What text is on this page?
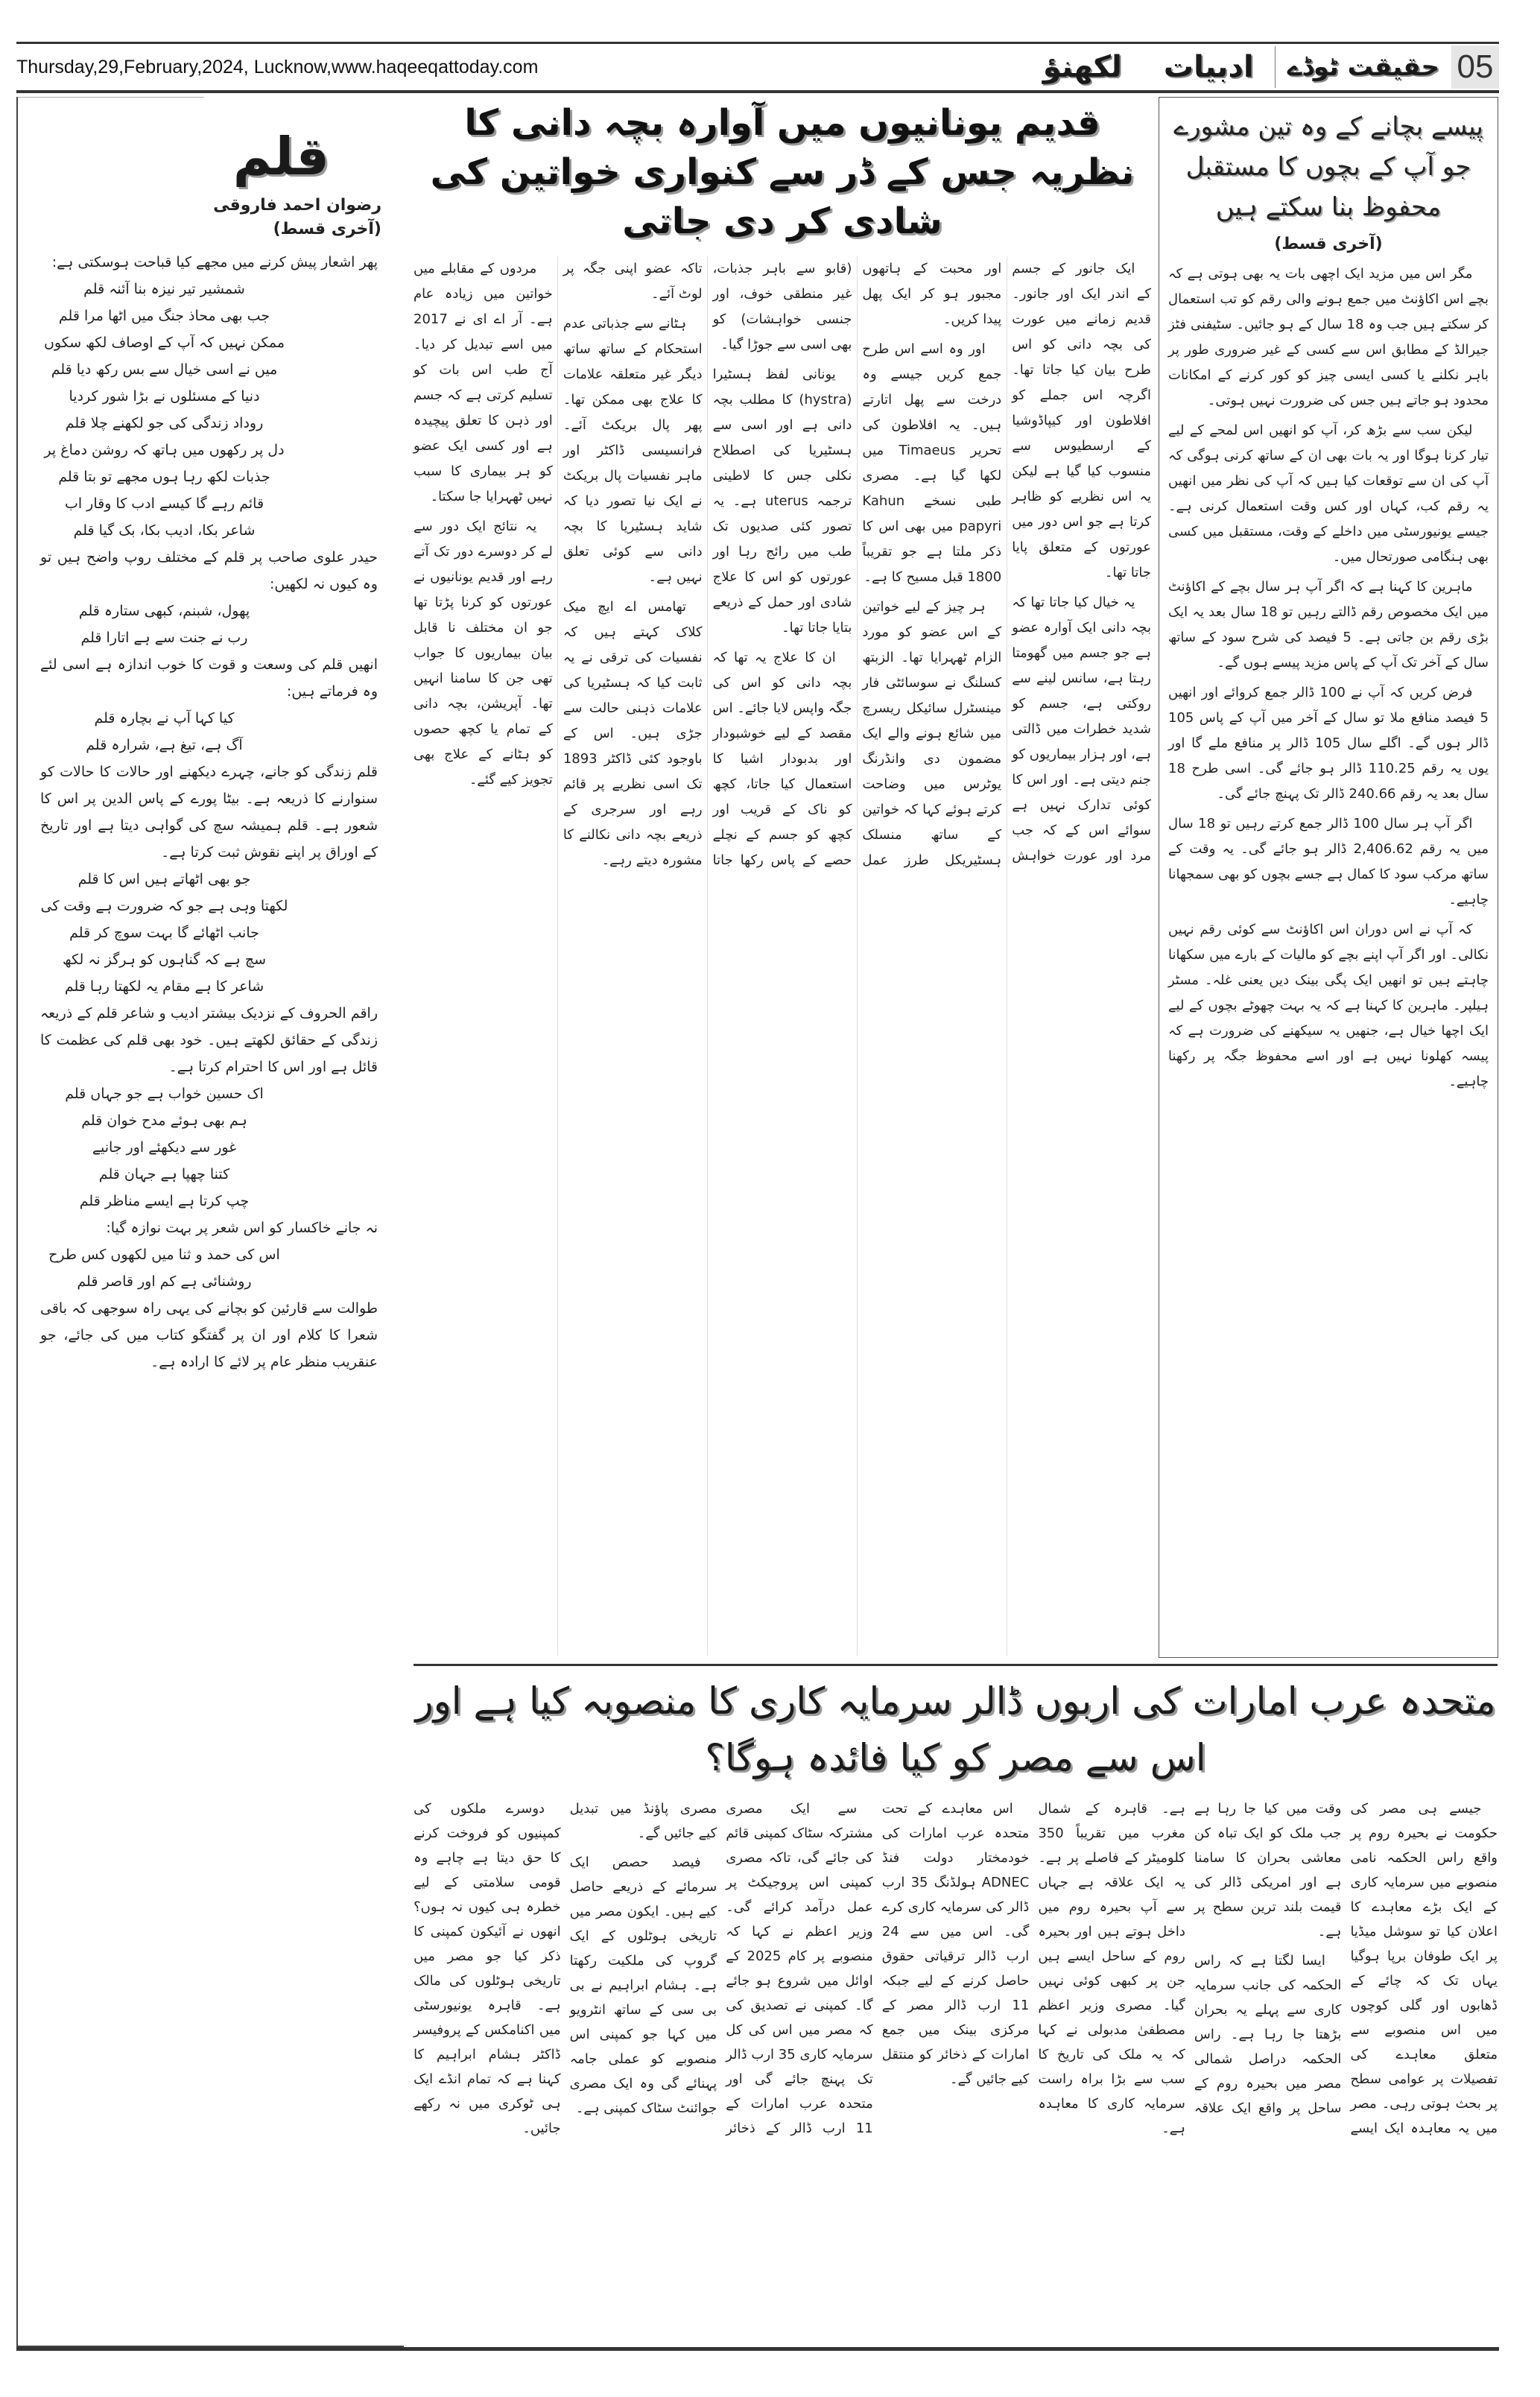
Thursday,29,February,2024, Lucknow,www.haqeeqattoday.com	لکھنؤ ادبیات حقیقت ٹوڈے 05
قلم
رضوان احمد فاروقی
(آخری قسط)
پھر اشعار پیش کرنے میں مجھے کیا قباحت ہوسکتی ہے:
شمشیر تیر نیزہ بنا آئنہ قلم
جب بھی محاذ جنگ میں اٹھا مرا قلم
ممکن نہیں کہ آپ کے اوصاف لکھ سکوں
میں نے اسی خیال سے بس رکھ دیا قلم
دنیا کے مسئلوں نے بڑا شور کردیا
روداد زندگی کی جو لکھنے چلا قلم
دل پر رکھوں میں ہاتھ کہ روشن دماغ پر
جذبات لکھ رہا ہوں مجھے تو بتا قلم
قائم رہے گا کیسے ادب کا وقار اب
شاعر بکا، ادیب بکا، بک گیا قلم
حیدر علوی صاحب پر قلم کے مختلف روپ واضح ہیں تو وہ کیوں نہ لکھیں:
پھول، شبنم، کبھی ستارہ قلم
رب نے جنت سے ہے اتارا قلم
انھیں قلم کی وسعت و قوت کا خوب اندازہ ہے اسی لئے وہ فرماتے ہیں:
کیا کہا آپ نے بچارہ قلم
آگ ہے، تیغ ہے، شرارہ قلم
قلم زندگی کو جانے، چہرے دیکھنے اور حالات کا حالات کو سنوارنے کا ذریعہ ہے۔ بیٹا پورے کے پاس الدین پر اس کا شعور ہے۔ قلم ہمیشہ سچ کی گواہی دیتا ہے اور تاریخ کے اوراق پر اپنے نقوش ثبت کرتا ہے۔
جو بھی اٹھاتے ہیں اس کا قلم
لکھتا وہی ہے جو کہ ضرورت ہے وقت کی
جانب اٹھائے گا بہت سوچ کر قلم
سچ ہے کہ گناہوں کو ہرگز نہ لکھ
شاعر کا ہے مقام یہ لکھتا رہا قلم
راقم الحروف کے نزدیک بیشتر ادیب و شاعر قلم کے ذریعہ زندگی کے حقائق لکھتے ہیں۔ خود بھی قلم کی عظمت کا قائل ہے اور اس کا احترام کرتا ہے۔
اک حسین خواب ہے جو جہاں قلم
ہم بھی ہوئے مدح خوان قلم
غور سے دیکھئے اور جانیے
کتنا چھپا ہے جہان قلم
چپ کرتا ہے ایسے مناظر قلم
نہ جانے خاکسار کو اس شعر پر بہت نوازہ گیا:
اس کی حمد و ثنا میں لکھوں کس طرح
روشنائی ہے کم اور قاصر قلم
طوالت سے قارئین کو بچانے کی یہی راہ سوجھی کہ باقی شعرا کا کلام اور ان پر گفتگو کتاب میں کی جائے، جو عنقریب منظر عام پر لائے کا ارادہ ہے۔
قدیم یونانیوں میں آوارہ بچہ دانی کا نظریہ جس کے ڈر سے کنواری خواتین کی شادی کر دی جاتی

ایک جانور کے جسم کے اندر ایک اور جانور۔ قدیم زمانے میں عورت کی بچہ دانی کو اس طرح بیان کیا جاتا تھا۔ اگرچہ اس جملے کو افلاطون اور کیپاڈوشیا کے ارسطیوس سے منسوب کیا گیا ہے لیکن یہ اس نظریے کو ظاہر کرتا ہے جو اس دور میں عورتوں کے متعلق پایا جاتا تھا۔

یہ خیال کیا جاتا تھا کہ بچہ دانی ایک آوارہ عضو ہے جو جسم میں گھومتا رہتا ہے، سانس لینے سے روکتی ہے، جسم کو شدید خطرات میں ڈالتی ہے، اور ہزار بیماریوں کو جنم دیتی ہے۔ اور اس کا کوئی تدارک نہیں ہے سوائے اس کے کہ جب مرد اور عورت خواہش اور محبت کے ہاتھوں مجبور ہو کر ایک پھل پیدا کریں۔

اور وہ اسے اس طرح جمع کریں جیسے وہ درخت سے پھل اتارتے ہیں۔ یہ افلاطون کی تحریر Timaeus میں لکھا گیا ہے۔ مصری طبی نسخے Kahun papyri میں بھی اس کا ذکر ملتا ہے جو تقریباً 1800 قبل مسیح کا ہے۔

ہر چیز کے لیے خواتین کے اس عضو کو مورد الزام ٹھہرایا تھا۔ الزبتھ کسلنگ نے سوسائٹی فار مینسٹرل سائیکل ریسرچ میں شائع ہونے والے ایک مضمون دی وانڈرنگ یوٹرس میں وضاحت کرتے ہوئے کہا کہ خواتین کے ساتھ منسلک ہسٹیریکل طرز عمل (قابو سے باہر جذبات، غیر منطقی خوف، اور جنسی خواہشات) کو بھی اسی سے جوڑا گیا۔

یونانی لفظ ہسٹیرا (hystra) کا مطلب بچہ دانی ہے اور اسی سے ہسٹیریا کی اصطلاح نکلی جس کا لاطینی ترجمہ uterus ہے۔ یہ تصور کئی صدیوں تک طب میں رائج رہا اور عورتوں کو اس کا علاج شادی اور حمل کے ذریعے بتایا جاتا تھا۔

ان کا علاج یہ تھا کہ بچہ دانی کو اس کی جگہ واپس لایا جائے۔ اس مقصد کے لیے خوشبودار اور بدبودار اشیا کا استعمال کیا جاتا، کچھ کو ناک کے قریب اور کچھ کو جسم کے نچلے حصے کے پاس رکھا جاتا تاکہ عضو اپنی جگہ پر لوٹ آئے۔

ہٹانے سے جذباتی عدم استحکام کے ساتھ ساتھ دیگر غیر متعلقہ علامات کا علاج بھی ممکن تھا۔ پھر پال بریکٹ آئے۔ فرانسیسی ڈاکٹر اور ماہر نفسیات پال بریکٹ نے ایک نیا تصور دیا کہ شاید ہسٹیریا کا بچہ دانی سے کوئی تعلق نہیں ہے۔

تھامس اے ایچ میک کلاک کہتے ہیں کہ نفسیات کی ترقی نے یہ ثابت کیا کہ ہسٹیریا کی علامات ذہنی حالت سے جڑی ہیں۔ اس کے باوجود کئی ڈاکٹر 1893 تک اسی نظریے پر قائم رہے اور سرجری کے ذریعے بچہ دانی نکالنے کا مشورہ دیتے رہے۔

مردوں کے مقابلے میں خواتین میں زیادہ عام ہے۔ آر اے ای نے 2017 میں اسے تبدیل کر دیا۔ آج طب اس بات کو تسلیم کرتی ہے کہ جسم اور ذہن کا تعلق پیچیدہ ہے اور کسی ایک عضو کو ہر بیماری کا سبب نہیں ٹھہرایا جا سکتا۔

یہ نتائج ایک دور سے لے کر دوسرے دور تک آتے رہے اور قدیم یونانیوں نے عورتوں کو کرنا پڑتا تھا جو ان مختلف نا قابل بیان بیماریوں کا جواب تھی جن کا سامنا انہیں تھا۔ آپریشن، بچہ دانی کے تمام یا کچھ حصوں کو ہٹانے کے علاج بھی تجویز کیے گئے۔

پیسے بچانے کے وہ تین مشورے جو آپ کے بچوں کا مستقبل محفوظ بنا سکتے ہیں
(آخری قسط)

مگر اس میں مزید ایک اچھی بات یہ بھی ہوتی ہے کہ بچے اس اکاؤنٹ میں جمع ہونے والی رقم کو تب استعمال کر سکتے ہیں جب وہ 18 سال کے ہو جائیں۔ سٹیفنی فٹز جیرالڈ کے مطابق اس سے کسی کے غیر ضروری طور پر باہر نکلنے یا کسی ایسی چیز کو کور کرنے کے امکانات محدود ہو جاتے ہیں جس کی ضرورت نہیں ہوتی۔

لیکن سب سے بڑھ کر، آپ کو انھیں اس لمحے کے لیے تیار کرنا ہوگا اور یہ بات بھی ان کے ساتھ کرنی ہوگی کہ آپ کی ان سے توقعات کیا ہیں کہ آپ کی نظر میں انھیں یہ رقم کب، کہاں اور کس وقت استعمال کرنی ہے۔ جیسے یونیورسٹی میں داخلے کے وقت، مستقبل میں کسی بھی ہنگامی صورتحال میں۔

ماہرین کا کہنا ہے کہ اگر آپ ہر سال بچے کے اکاؤنٹ میں ایک مخصوص رقم ڈالتے رہیں تو 18 سال بعد یہ ایک بڑی رقم بن جاتی ہے۔ 5 فیصد کی شرح سود کے ساتھ سال کے آخر تک آپ کے پاس مزید پیسے ہوں گے۔

فرض کریں کہ آپ نے 100 ڈالر جمع کروائے اور انھیں 5 فیصد منافع ملا تو سال کے آخر میں آپ کے پاس 105 ڈالر ہوں گے۔ اگلے سال 105 ڈالر پر منافع ملے گا اور یوں یہ رقم 110.25 ڈالر ہو جائے گی۔ اسی طرح 18 سال بعد یہ رقم 240.66 ڈالر تک پہنچ جائے گی۔

اگر آپ ہر سال 100 ڈالر جمع کرتے رہیں تو 18 سال میں یہ رقم 2,406.62 ڈالر ہو جائے گی۔ یہ وقت کے ساتھ مرکب سود کا کمال ہے جسے بچوں کو بھی سمجھانا چاہیے۔

کہ آپ نے اس دوران اس اکاؤنٹ سے کوئی رقم نہیں نکالی۔ اور اگر آپ اپنے بچے کو مالیات کے بارے میں سکھانا چاہتے ہیں تو انھیں ایک پگی بینک دیں یعنی غلہ۔ مسٹر ہیلپر۔ ماہرین کا کہنا ہے کہ یہ بہت چھوٹے بچوں کے لیے ایک اچھا خیال ہے، جنھیں یہ سیکھنے کی ضرورت ہے کہ پیسہ کھلونا نہیں ہے اور اسے محفوظ جگہ پر رکھنا چاہیے۔

متحدہ عرب امارات کی اربوں ڈالر سرمایہ کاری کا منصوبہ کیا ہے اور اس سے مصر کو کیا فائدہ ہوگا؟

جیسے ہی مصر کی حکومت نے بحیرہ روم پر واقع راس الحکمہ نامی منصوبے میں سرمایہ کاری کے ایک بڑے معاہدے کا اعلان کیا تو سوشل میڈیا پر ایک طوفان برپا ہوگیا یہاں تک کہ چائے کے ڈھابوں اور گلی کوچوں میں اس منصوبے سے متعلق معاہدے کی تفصیلات پر عوامی سطح پر بحث ہوتی رہی۔ مصر میں یہ معاہدہ ایک ایسے وقت میں کیا جا رہا ہے جب ملک کو ایک تباہ کن معاشی بحران کا سامنا ہے اور امریکی ڈالر کی قیمت بلند ترین سطح پر ہے۔

ایسا لگتا ہے کہ راس الحکمہ کی جانب سرمایہ کاری سے پہلے یہ بحران بڑھتا جا رہا ہے۔ راس الحکمہ دراصل شمالی مصر میں بحیرہ روم کے ساحل پر واقع ایک علاقہ ہے۔ قاہرہ کے شمال مغرب میں تقریباً 350 کلومیٹر کے فاصلے پر ہے۔ یہ ایک علاقہ ہے جہاں سے آپ بحیرہ روم میں داخل ہوتے ہیں اور بحیرہ روم کے ساحل ایسے ہیں جن پر کبھی کوئی نہیں گیا۔ مصری وزیر اعظم مصطفیٰ مدبولی نے کہا کہ یہ ملک کی تاریخ کا سب سے بڑا براہ راست سرمایہ کاری کا معاہدہ ہے۔

اس معاہدے کے تحت متحدہ عرب امارات کی خودمختار دولت فنڈ ADNEC ہولڈنگ 35 ارب ڈالر کی سرمایہ کاری کرے گی۔ اس میں سے 24 ارب ڈالر ترقیاتی حقوق حاصل کرنے کے لیے جبکہ 11 ارب ڈالر مصر کے مرکزی بینک میں جمع امارات کے ذخائر کو منتقل کیے جائیں گے۔

سے ایک مصری مشترکہ سٹاک کمپنی قائم کی جائے گی، تاکہ مصری کمپنی اس پروجیکٹ پر عمل درآمد کرائے گی۔ وزیر اعظم نے کہا کہ منصوبے پر کام 2025 کے اوائل میں شروع ہو جائے گا۔ کمپنی نے تصدیق کی کہ مصر میں اس کی کل سرمایہ کاری 35 ارب ڈالر تک پہنچ جائے گی اور متحدہ عرب امارات کے 11 ارب ڈالر کے ذخائر مصری پاؤنڈ میں تبدیل کیے جائیں گے۔

فیصد حصص ایک سرمائے کے ذریعے حاصل کیے ہیں۔ ایکون مصر میں تاریخی ہوٹلوں کے ایک گروپ کی ملکیت رکھتا ہے۔ ہشام ابراہیم نے بی بی سی کے ساتھ انٹرویو میں کہا جو کمپنی اس منصوبے کو عملی جامہ پہنائے گی وہ ایک مصری جوائنٹ سٹاک کمپنی ہے۔

دوسرے ملکوں کی کمپنیوں کو فروخت کرنے کا حق دیتا ہے چاہے وہ قومی سلامتی کے لیے خطرہ ہی کیوں نہ ہوں؟ انھوں نے آئیکون کمپنی کا ذکر کیا جو مصر میں تاریخی ہوٹلوں کی مالک ہے۔ قاہرہ یونیورسٹی میں اکنامکس کے پروفیسر ڈاکٹر ہشام ابراہیم کا کہنا ہے کہ تمام انڈے ایک ہی ٹوکری میں نہ رکھے جائیں۔
